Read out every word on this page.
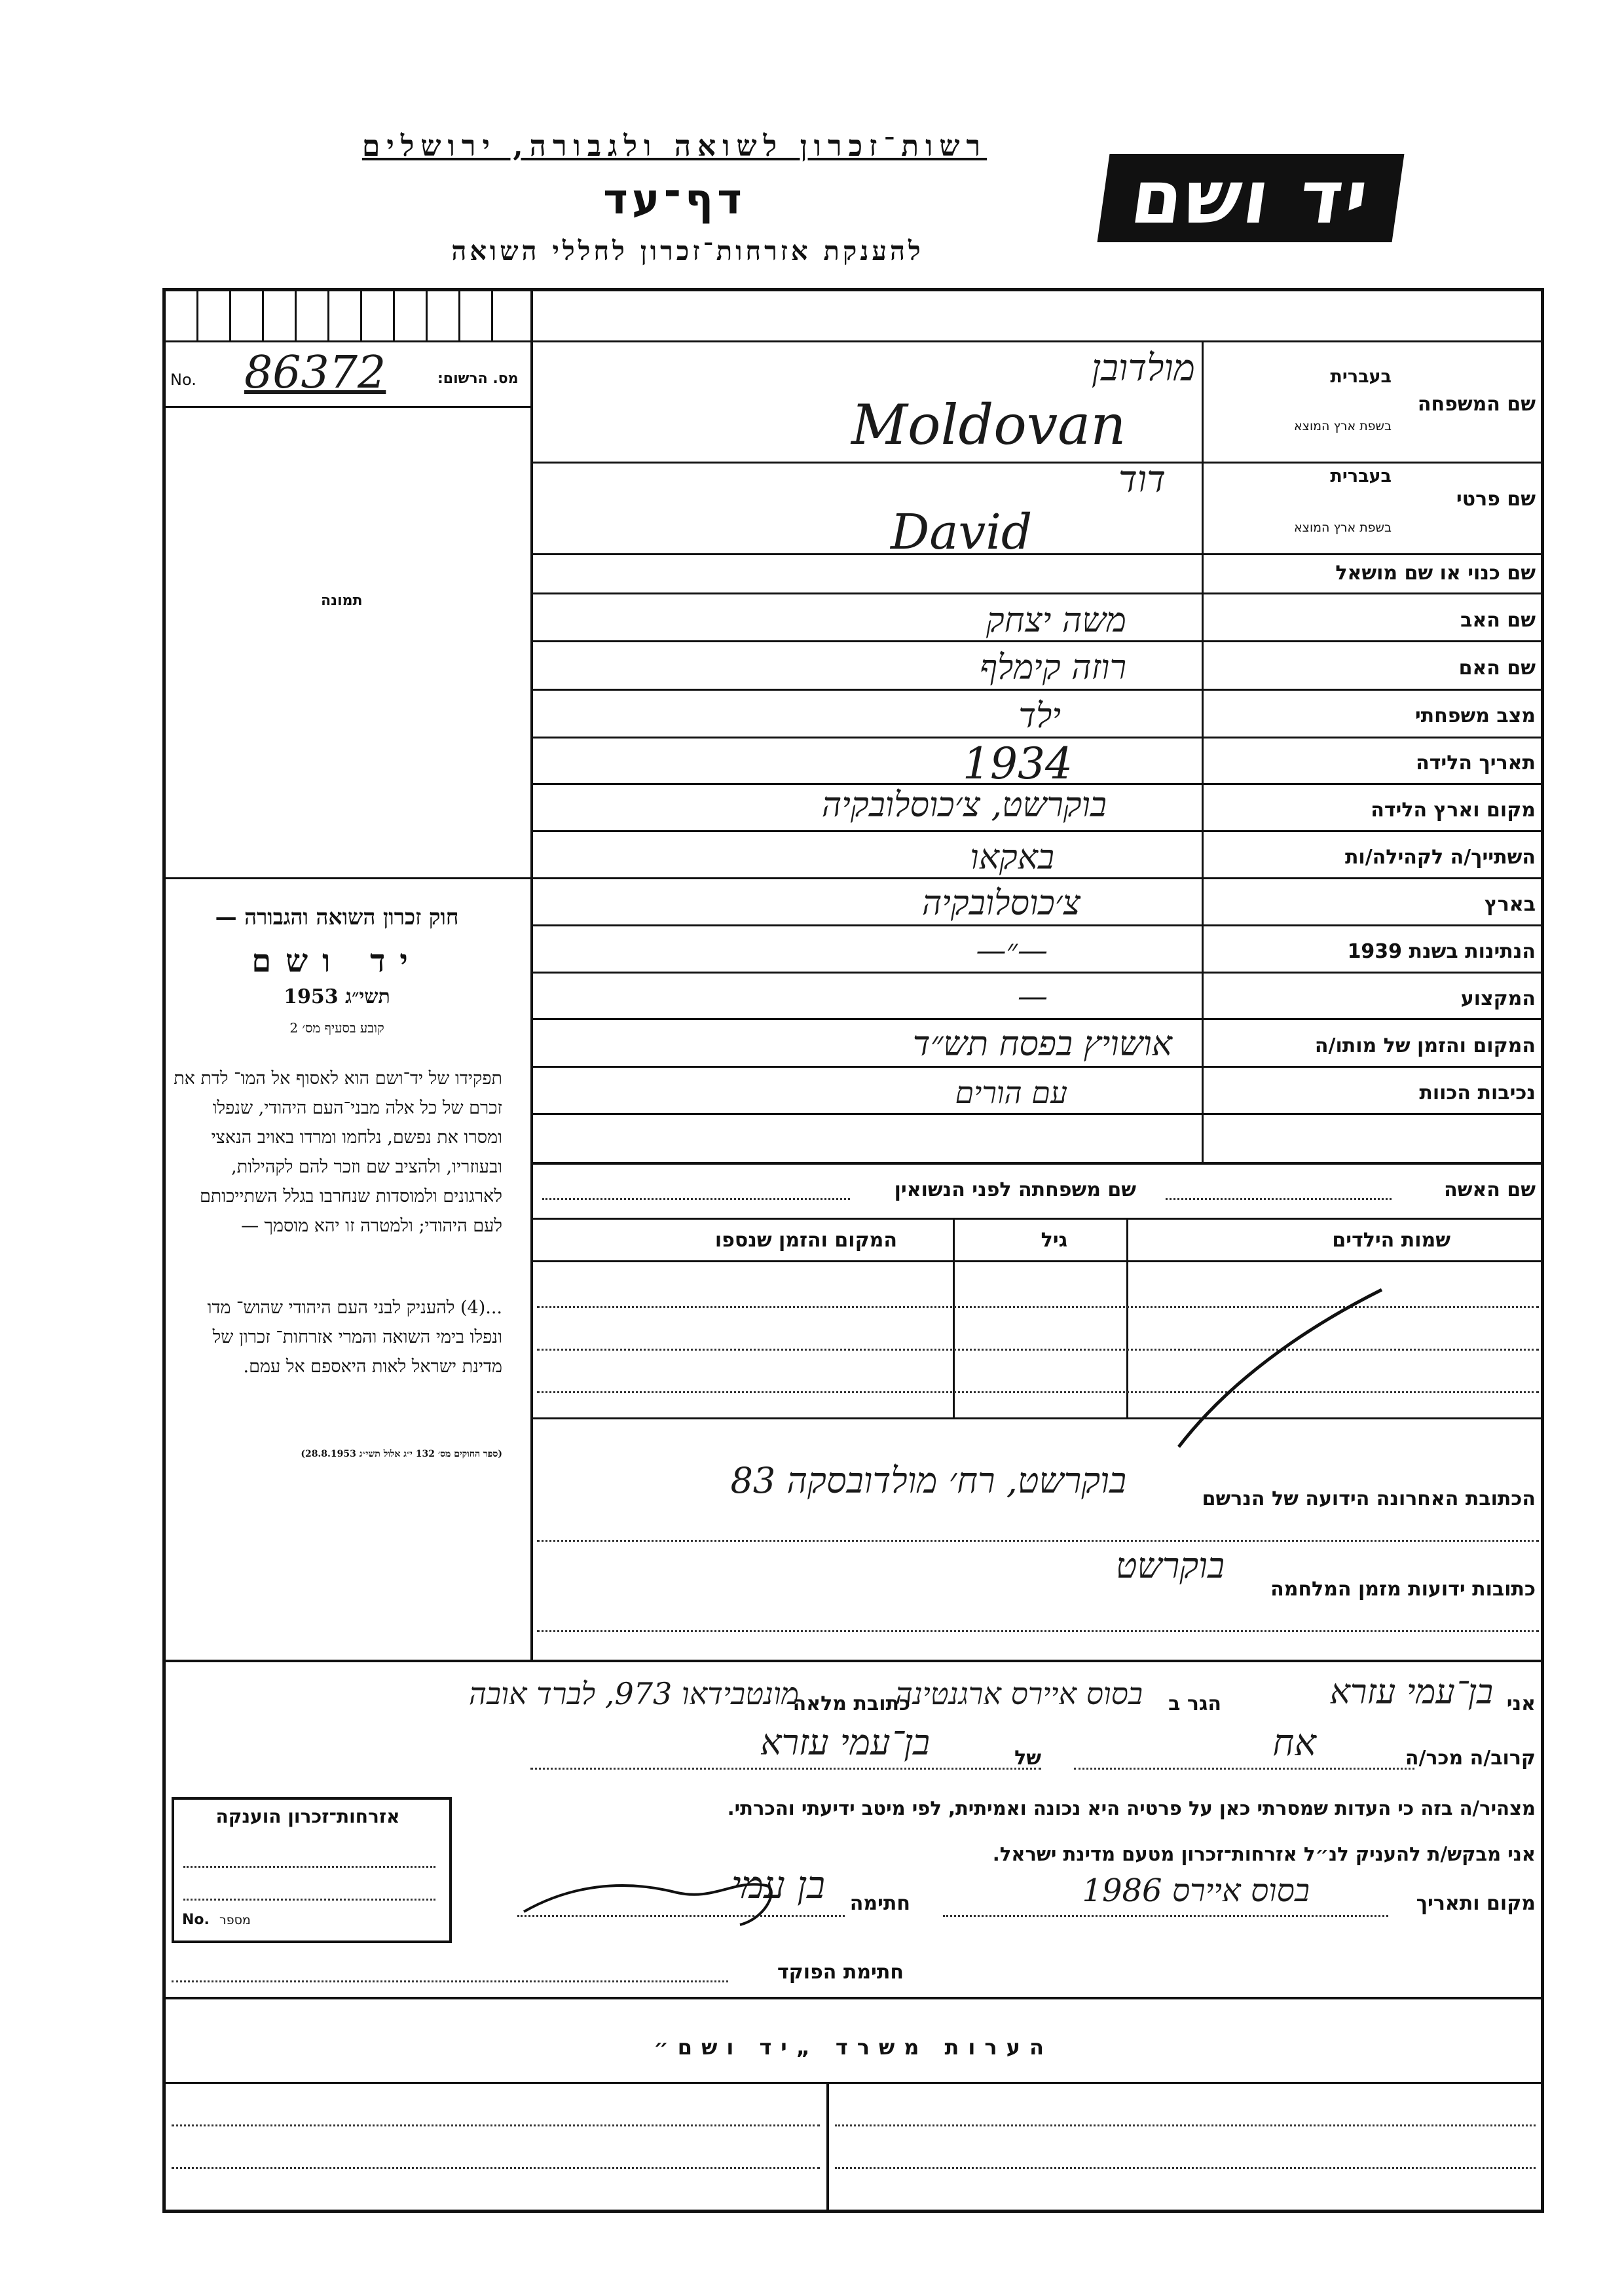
רשות־זכרון לשואה ולגבורה, ירושלים
דף־עד
להענקת אזרחות־זכרון לחללי השואה
יד ושם
No.	מס. הרשום:
86372
תמונה
חוק זכרון השואה והגבורה —
יד ושם
תשי״ג 1953
קובע בסעיף מס׳ 2
תפקידו של יד־ושם הוא לאסוף אל המו־ לדת את זכרם של כל אלה מבני־העם היהודי, שנפלו ומסרו את נפשם, נלחמו ומרדו באויב הנאצי ובעוזריו, ולהציב שם וזכר להם לקהילות, לארגונים ולמוסדות שנחרבו בגלל השתייכותם לעם היהודי; ולמטרה זו יהא מוסמך —
...(4) להעניק לבני העם היהודי שהוש־ מדו ונפלו בימי השואה והמרי אזרחות־ זכרון של מדינת ישראל לאות היאספם אל עמם.
(ספר החוקים מס׳ 132 י״ג אלול תשי״ג 28.8.1953)
שם המשפחה
בעברית
בשפת ארץ המוצא
מולדובן
Moldovan
שם פרטי
בעברית
בשפת ארץ המוצא
דוד
David
שם כנוי או שם מושאל
שם האב
משה יצחק
שם האם
רוזה קימלף
מצב משפחתי
ילד
תאריך הלידה
1934
מקום וארץ הלידה
בוקרשט, צ׳כוסלובקיה
השתייך/ה לקהילה/ות
באקאו
בארץ
צ׳כוסלובקיה
הנתינות בשנת 1939
—״—
המקצוע
—
המקום והזמן של מותו/ה
אושויץ בפסח תש״ד
נכיבות הכוות
עם הורים
שם האשה
שם משפחתה לפני הנשואין
שמות הילדים
גיל
המקום והזמן שנספו
הכתובת האחרונה הידועה של הנרשם
בוקרשט, רח׳ מולדובסקה 83
כתובות ידועות מזמן המלחמה
בוקרשט
אני
בן־עמי עזרא
הגר ב
בסוס איירס ארגנטינה
כתובת מלאה
מונטבידאו 973, לברד אובה
קרוב/ה מכר/ה
אח
של
בן־עמי עזרא
מצהיר/ה בזה כי העדות שמסרתי כאן על פרטיה היא נכונה ואמיתית, לפי מיטב ידיעתי והכרתי.
אני מבקש/ת להעניק לנ״ל אזרחות־זכרון מטעם מדינת ישראל.
מקום ותאריך
בסוס איירס 1986
חתימה
בן עמי
חתימת הפוקד
אזרחות־זכרון הוענקה
No. מספר
הערות משרד „יד ושם״
